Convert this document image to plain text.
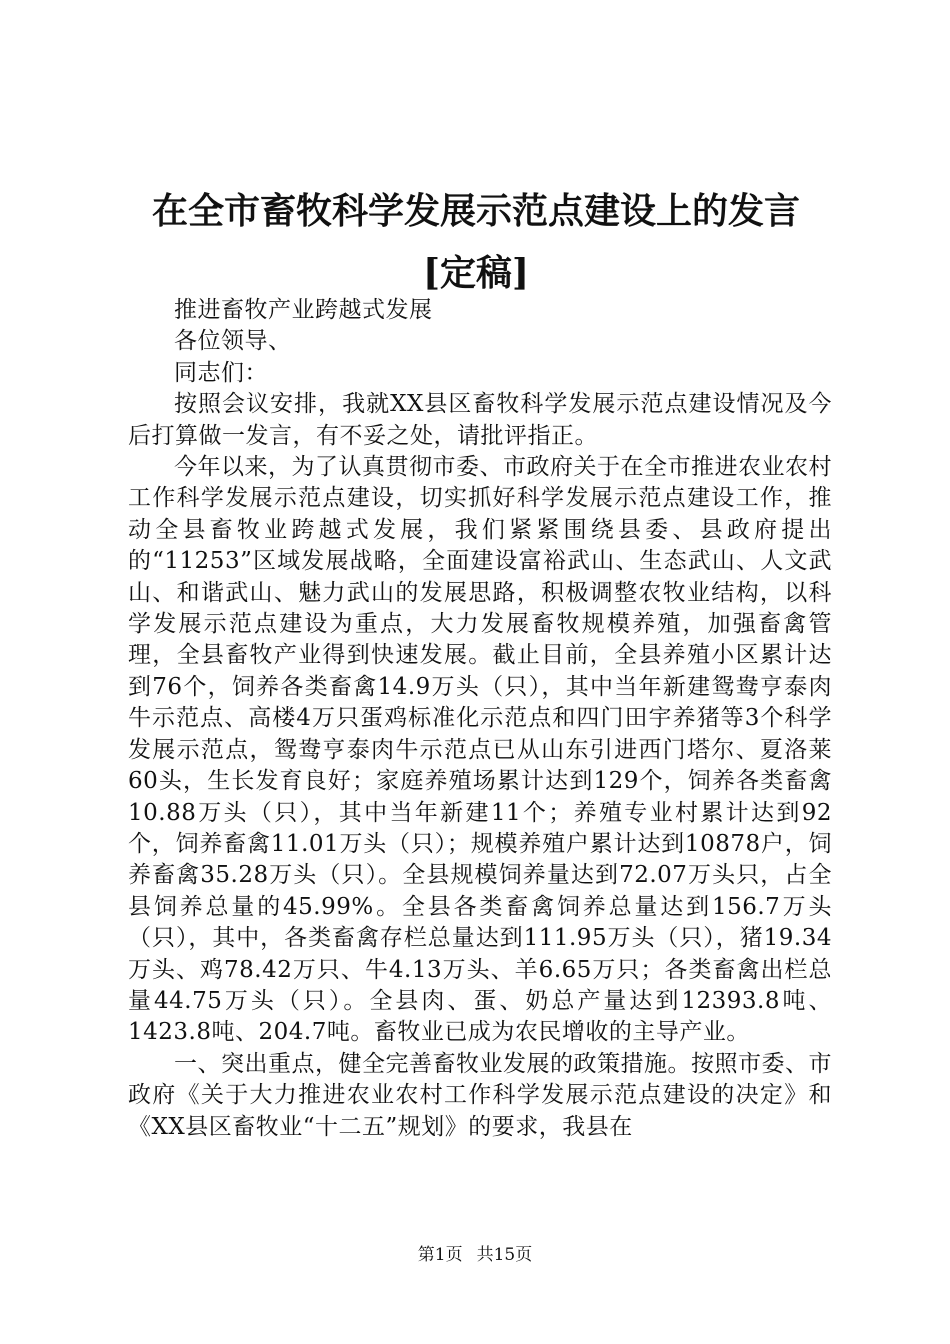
在全市畜牧科学发展示范点建设上的发言[定稿]

推进畜牧产业跨越式发展

各位领导、

同志们：

按照会议安排，我就XX县区畜牧科学发展示范点建设情况及今后打算做一发言，有不妥之处，请批评指正。

今年以来，为了认真贯彻市委、市政府关于在全市推进农业农村工作科学发展示范点建设，切实抓好科学发展示范点建设工作，推动全县畜牧业跨越式发展，我们紧紧围绕县委、县政府提出的“11253”区域发展战略，全面建设富裕武山、生态武山、人文武山、和谐武山、魅力武山的发展思路，积极调整农牧业结构，以科学发展示范点建设为重点，大力发展畜牧规模养殖，加强畜禽管理，全县畜牧产业得到快速发展。截止目前，全县养殖小区累计达到76个，饲养各类畜禽14.9万头（只），其中当年新建鸳鸯亨泰肉牛示范点、高楼4万只蛋鸡标准化示范点和四门田宇养猪等3个科学发展示范点，鸳鸯亨泰肉牛示范点已从山东引进西门塔尔、夏洛莱60头，生长发育良好；家庭养殖场累计达到129个，饲养各类畜禽10.88万头（只），其中当年新建11个；养殖专业村累计达到92个，饲养畜禽11.01万头（只）；规模养殖户累计达到10878户，饲养畜禽35.28万头（只）。全县规模饲养量达到72.07万头只，占全县饲养总量的45.99%。全县各类畜禽饲养总量达到156.7万头（只），其中，各类畜禽存栏总量达到111.95万头（只），猪19.34万头、鸡78.42万只、牛4.13万头、羊6.65万只；各类畜禽出栏总量44.75万头（只）。全县肉、蛋、奶总产量达到12393.8吨、1423.8吨、204.7吨。畜牧业已成为农民增收的主导产业。

一、突出重点，健全完善畜牧业发展的政策措施。按照市委、市政府《关于大力推进农业农村工作科学发展示范点建设的决定》和《XX县区畜牧业“十二五”规划》的要求，我县在

第1页 共15页
